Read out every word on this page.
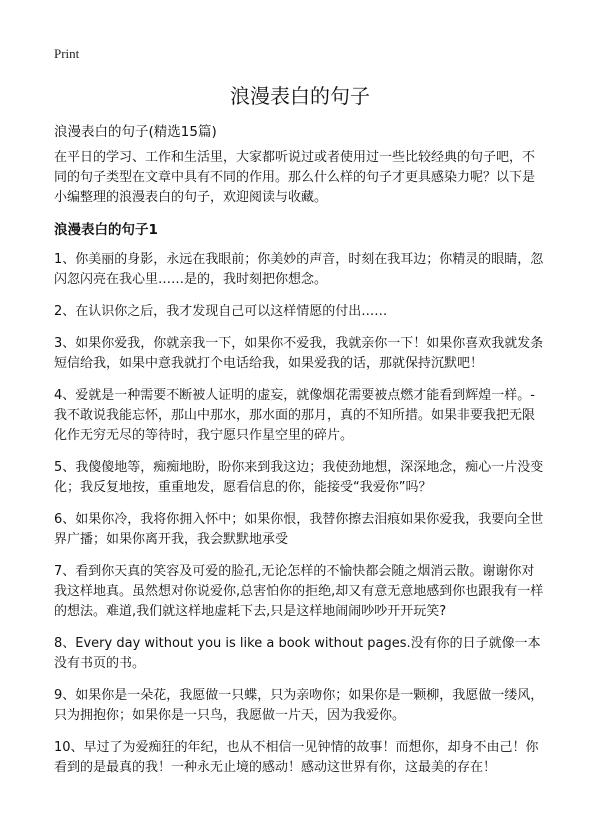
Print
浪漫表白的句子
浪漫表白的句子(精选15篇)

在平日的学习、工作和生活里，大家都听说过或者使用过一些比较经典的句子吧，不同的句子类型在文章中具有不同的作用。那么什么样的句子才更具感染力呢？以下是小编整理的浪漫表白的句子，欢迎阅读与收藏。

浪漫表白的句子1

1、你美丽的身影，永远在我眼前；你美妙的声音，时刻在我耳边；你精灵的眼睛，忽闪忽闪亮在我心里……是的，我时刻把你想念。

2、在认识你之后，我才发现自己可以这样情愿的付出……

3、如果你爱我，你就亲我一下，如果你不爱我，我就亲你一下！如果你喜欢我就发条短信给我，如果中意我就打个电话给我，如果爱我的话，那就保持沉默吧！

4、爱就是一种需要不断被人证明的虚妄，就像烟花需要被点燃才能看到辉煌一样。-我不敢说我能忘怀，那山中那水，那水面的那月，真的不知所措。如果非要我把无限化作无穷无尽的等待时，我宁愿只作星空里的碎片。

5、我傻傻地等，痴痴地盼，盼你来到我这边；我使劲地想，深深地念，痴心一片没变化；我反复地按，重重地发，愿看信息的你，能接受“我爱你”吗？

6、如果你冷，我将你拥入怀中；如果你恨，我替你擦去泪痕如果你爱我，我要向全世界广播；如果你离开我，我会默默地承受

7、看到你天真的笑容及可爱的脸孔,无论怎样的不愉快都会随之烟消云散。谢谢你对我这样地真。虽然想对你说爱你,总害怕你的拒绝,却又有意无意地感到你也跟我有一样的想法。难道,我们就这样地虚耗下去,只是这样地闹闹吵吵开开玩笑?

8、Every day without you is like a book without pages.没有你的日子就像一本没有书页的书。

9、如果你是一朵花，我愿做一只蝶，只为亲吻你；如果你是一颗柳，我愿做一缕风，只为拥抱你；如果你是一只鸟，我愿做一片天，因为我爱你。

10、早过了为爱痴狂的年纪，也从不相信一见钟情的故事！而想你，却身不由己！你看到的是最真的我！一种永无止境的感动！感动这世界有你，这最美的存在！
